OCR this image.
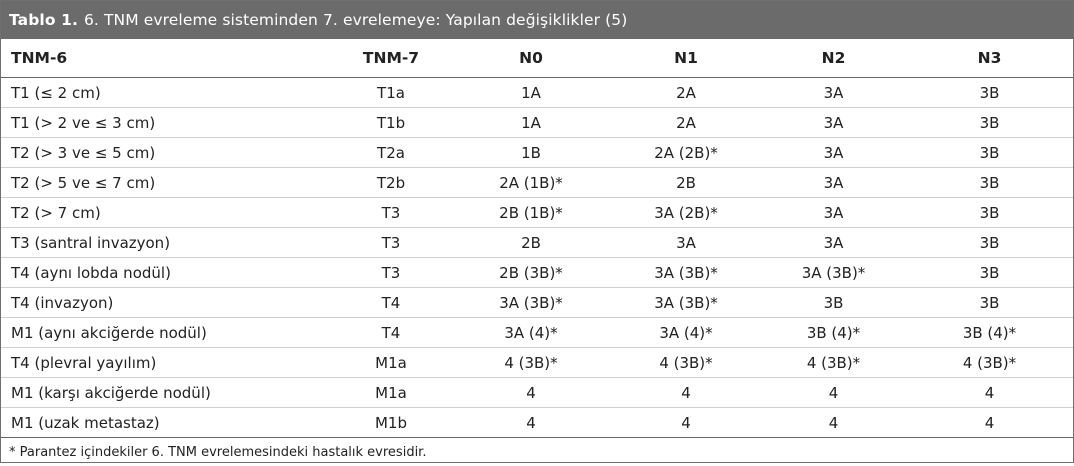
Tablo 1. 6. TNM evreleme sisteminden 7. evrelemeye: Yapılan değişiklikler (5)
TNM-6	TNM-7	N0	N1	N2	N3
T1 (≤ 2 cm)	T1a	1A	2A	3A	3B
T1 (> 2 ve ≤ 3 cm)	T1b	1A	2A	3A	3B
T2 (> 3 ve ≤ 5 cm)	T2a	1B	2A (2B)*	3A	3B
T2 (> 5 ve ≤ 7 cm)	T2b	2A (1B)*	2B	3A	3B
T2 (> 7 cm)	T3	2B (1B)*	3A (2B)*	3A	3B
T3 (santral invazyon)	T3	2B	3A	3A	3B
T4 (aynı lobda nodül)	T3	2B (3B)*	3A (3B)*	3A (3B)*	3B
T4 (invazyon)	T4	3A (3B)*	3A (3B)*	3B	3B
M1 (aynı akciğerde nodül)	T4	3A (4)*	3A (4)*	3B (4)*	3B (4)*
T4 (plevral yayılım)	M1a	4 (3B)*	4 (3B)*	4 (3B)*	4 (3B)*
M1 (karşı akciğerde nodül)	M1a	4	4	4	4
M1 (uzak metastaz)	M1b	4	4	4	4
* Parantez içindekiler 6. TNM evrelemesindeki hastalık evresidir.
